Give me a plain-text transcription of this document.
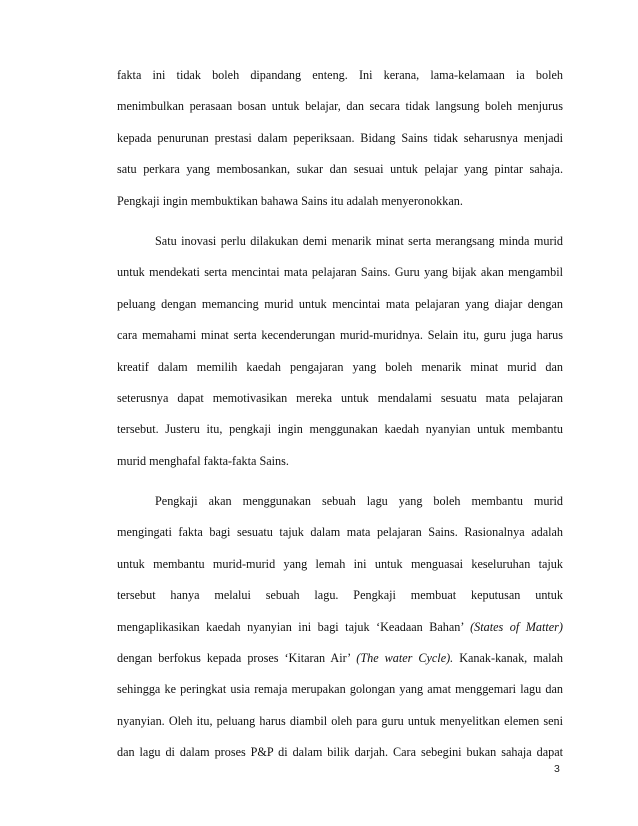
fakta ini tidak boleh dipandang enteng. Ini kerana, lama-kelamaan ia boleh
menimbulkan perasaan bosan untuk belajar, dan secara tidak langsung boleh menjurus
kepada penurunan prestasi dalam peperiksaan. Bidang Sains tidak seharusnya menjadi
satu perkara yang membosankan, sukar dan sesuai untuk pelajar yang pintar sahaja.
Pengkaji ingin membuktikan bahawa Sains itu adalah menyeronokkan.
Satu inovasi perlu dilakukan demi menarik minat serta merangsang minda murid
untuk mendekati serta mencintai mata pelajaran Sains. Guru yang bijak akan mengambil
peluang dengan memancing murid untuk mencintai mata pelajaran yang diajar dengan
cara memahami minat serta kecenderungan murid-muridnya. Selain itu, guru juga harus
kreatif dalam memilih kaedah pengajaran yang boleh menarik minat murid dan
seterusnya dapat memotivasikan mereka untuk mendalami sesuatu mata pelajaran
tersebut. Justeru itu, pengkaji ingin menggunakan kaedah nyanyian untuk membantu
murid menghafal fakta-fakta Sains.
Pengkaji akan menggunakan sebuah lagu yang boleh membantu murid
mengingati fakta bagi sesuatu tajuk dalam mata pelajaran Sains. Rasionalnya adalah
untuk membantu murid-murid yang lemah ini untuk menguasai keseluruhan tajuk
tersebut hanya melalui sebuah lagu. Pengkaji membuat keputusan untuk
mengaplikasikan kaedah nyanyian ini bagi tajuk ‘Keadaan Bahan’ (States of Matter)
dengan berfokus kepada proses ‘Kitaran Air’ (The water Cycle). Kanak-kanak, malah
sehingga ke peringkat usia remaja merupakan golongan yang amat menggemari lagu dan
nyanyian. Oleh itu, peluang harus diambil oleh para guru untuk menyelitkan elemen seni
dan lagu di dalam proses P&P di dalam bilik darjah. Cara sebegini bukan sahaja dapat
3
